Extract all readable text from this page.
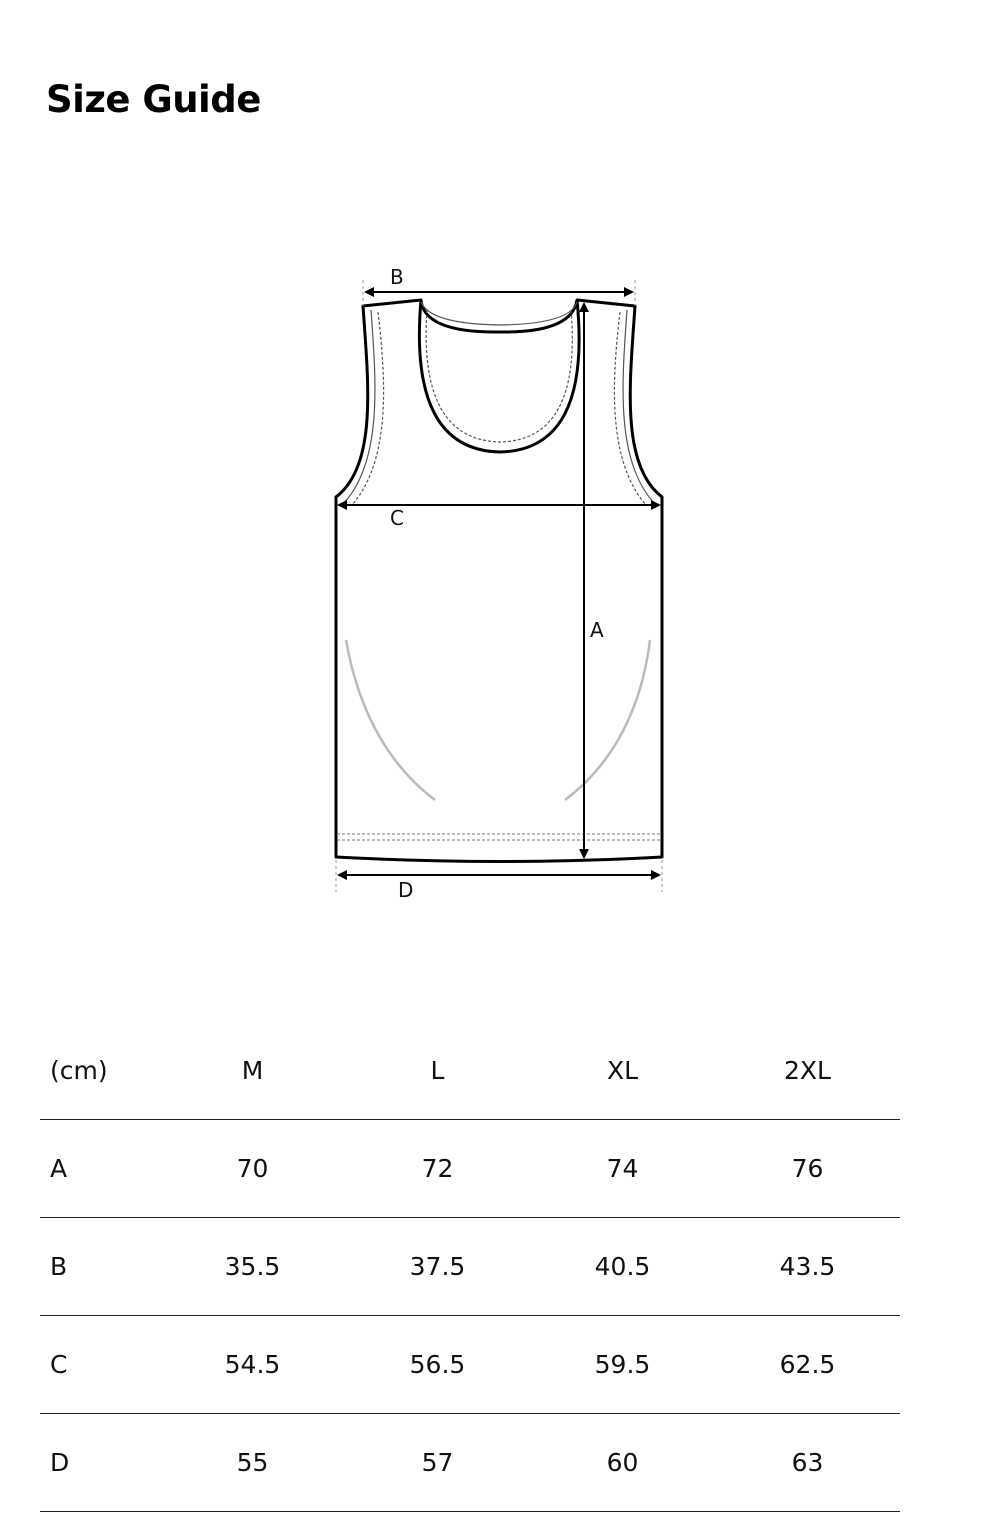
Size Guide
B
C
A
D
(cm)	M	L	XL	2XL
A	70	72	74	76
B	35.5	37.5	40.5	43.5
C	54.5	56.5	59.5	62.5
D	55	57	60	63
